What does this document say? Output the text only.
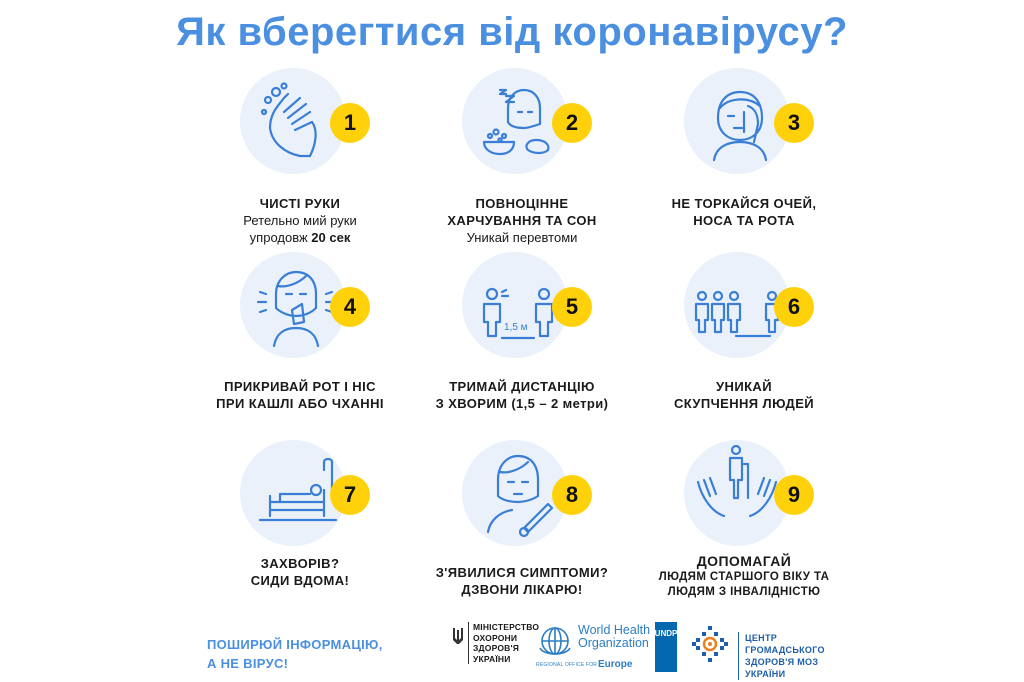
Як вберегтися від коронавірусу?
1
ЧИСТІ РУКИ
Ретельно мий руки
упродовж 20 сек
2
ПОВНОЦІННЕ
ХАРЧУВАННЯ ТА СОН
Уникай перевтоми
3
НЕ ТОРКАЙСЯ ОЧЕЙ,
НОСА ТА РОТА
4
ПРИКРИВАЙ РОТ І НІС
ПРИ КАШЛІ АБО ЧХАННІ
1,5 м
5
ТРИМАЙ ДИСТАНЦІЮ
З ХВОРИМ (1,5 – 2 метри)
6
УНИКАЙ
СКУПЧЕННЯ ЛЮДЕЙ
7
ЗАХВОРІВ?
СИДИ ВДОМА!
8
З'ЯВИЛИСЯ СИМПТОМИ?
ДЗВОНИ ЛІКАРЮ!
9
ДОПОМАГАЙ
ЛЮДЯМ СТАРШОГО ВІКУ ТА
ЛЮДЯМ З ІНВАЛІДНІСТЮ
ПОШИРЮЙ ІНФОРМАЦІЮ,
А НЕ ВІРУС!
МІНІСТЕРСТВО
ОХОРОНИ
ЗДОРОВ'Я
УКРАЇНИ
World Health
Organization
REGIONAL OFFICE FOR Europe
UNDP	ЦЕНТР ГРОМАДСЬКОГО
ЗДОРОВ'Я МОЗ УКРАЇНИ
